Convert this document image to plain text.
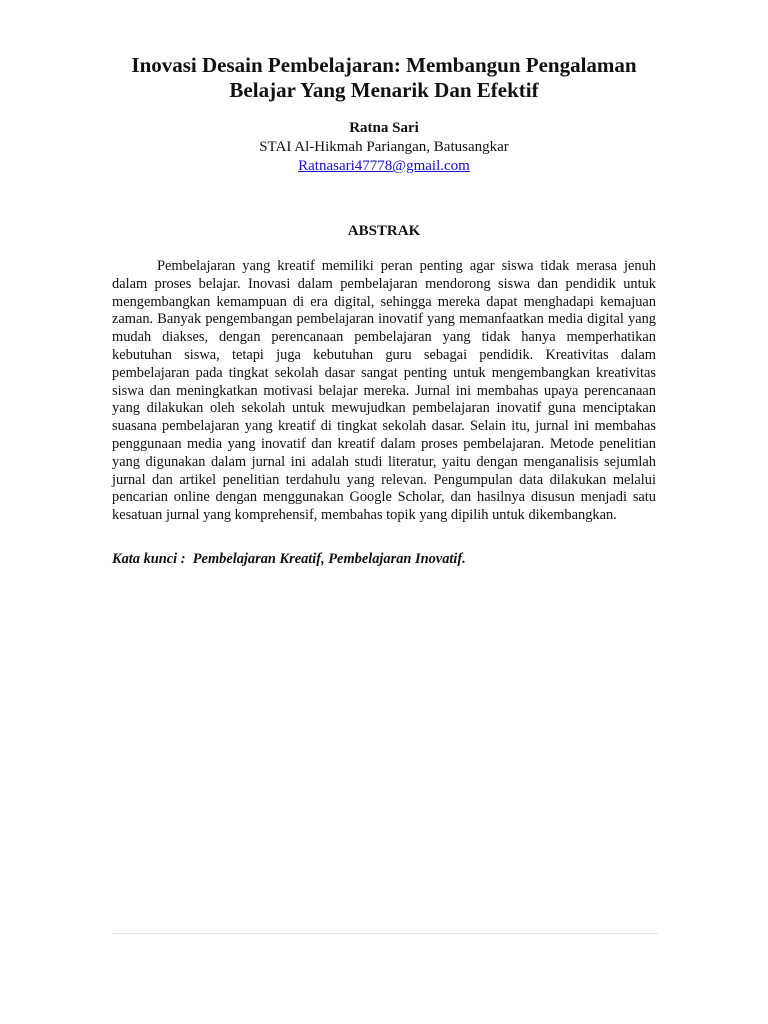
Inovasi Desain Pembelajaran: Membangun Pengalaman Belajar Yang Menarik Dan Efektif
Ratna Sari
STAI Al-Hikmah Pariangan, Batusangkar
Ratnasari47778@gmail.com
ABSTRAK

Pembelajaran yang kreatif memiliki peran penting agar siswa tidak merasa jenuh dalam proses belajar. Inovasi dalam pembelajaran mendorong siswa dan pendidik untuk mengembangkan kemampuan di era digital, sehingga mereka dapat menghadapi kemajuan zaman. Banyak pengembangan pembelajaran inovatif yang memanfaatkan media digital yang mudah diakses, dengan perencanaan pembelajaran yang tidak hanya memperhatikan kebutuhan siswa, tetapi juga kebutuhan guru sebagai pendidik. Kreativitas dalam pembelajaran pada tingkat sekolah dasar sangat penting untuk mengembangkan kreativitas siswa dan meningkatkan motivasi belajar mereka. Jurnal ini membahas upaya perencanaan yang dilakukan oleh sekolah untuk mewujudkan pembelajaran inovatif guna menciptakan suasana pembelajaran yang kreatif di tingkat sekolah dasar. Selain itu, jurnal ini membahas penggunaan media yang inovatif dan kreatif dalam proses pembelajaran. Metode penelitian yang digunakan dalam jurnal ini adalah studi literatur, yaitu dengan menganalisis sejumlah jurnal dan artikel penelitian terdahulu yang relevan. Pengumpulan data dilakukan melalui pencarian online dengan menggunakan Google Scholar, dan hasilnya disusun menjadi satu kesatuan jurnal yang komprehensif, membahas topik yang dipilih untuk dikembangkan.

Kata kunci : Pembelajaran Kreatif, Pembelajaran Inovatif.
